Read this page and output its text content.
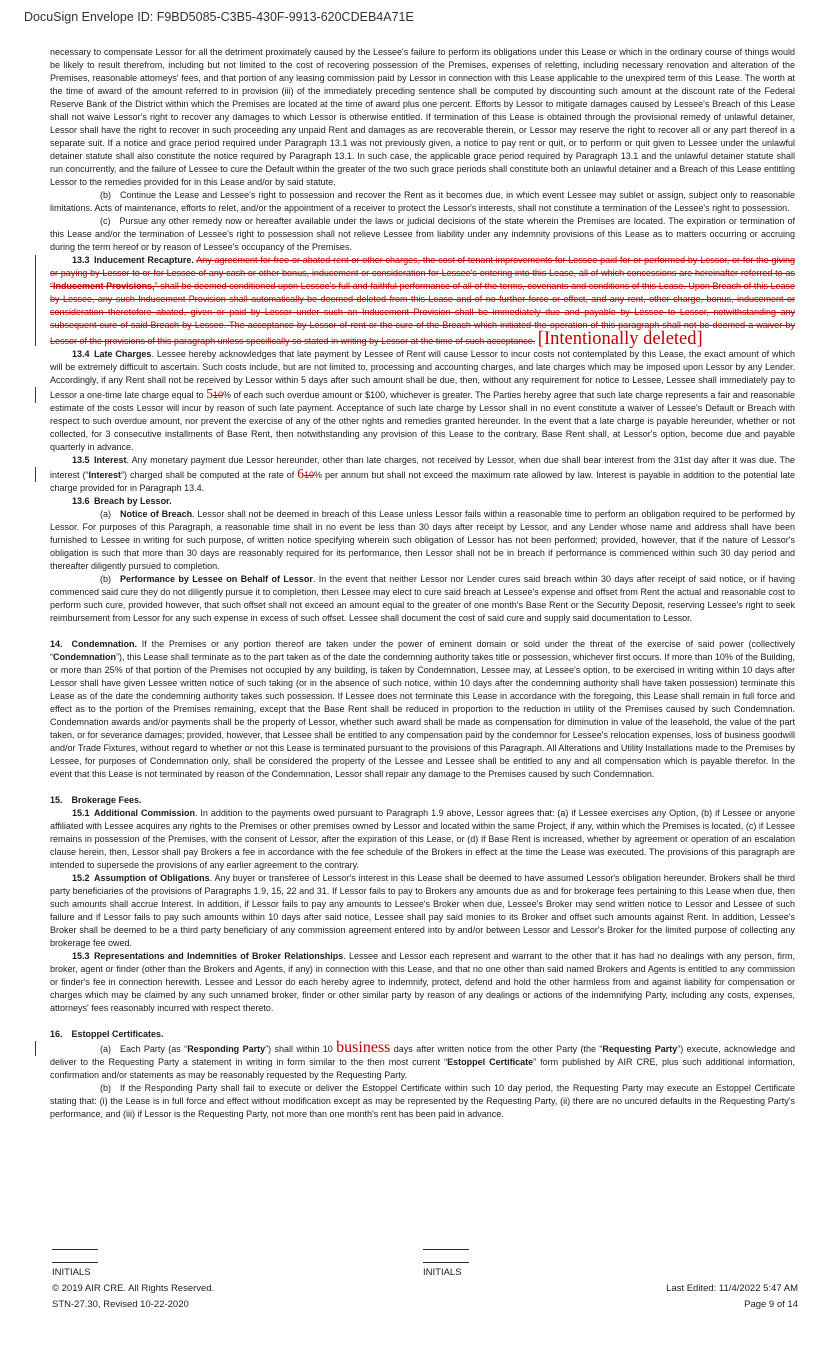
DocuSign Envelope ID: F9BD5085-C3B5-430F-9913-620CDEB4A71E

necessary to compensate Lessor for all the detriment proximately caused by the Lessee's failure to perform its obligations under this Lease or which in the ordinary course of things would be likely to result therefrom, including but not limited to the cost of recovering possession of the Premises, expenses of reletting, including necessary renovation and alteration of the Premises, reasonable attorneys' fees, and that portion of any leasing commission paid by Lessor in connection with this Lease applicable to the unexpired term of this Lease. The worth at the time of award of the amount referred to in provision (iii) of the immediately preceding sentence shall be computed by discounting such amount at the discount rate of the Federal Reserve Bank of the District within which the Premises are located at the time of award plus one percent. Efforts by Lessor to mitigate damages caused by Lessee's Breach of this Lease shall not waive Lessor's right to recover any damages to which Lessor is otherwise entitled. If termination of this Lease is obtained through the provisional remedy of unlawful detainer, Lessor shall have the right to recover in such proceeding any unpaid Rent and damages as are recoverable therein, or Lessor may reserve the right to recover all or any part thereof in a separate suit. If a notice and grace period required under Paragraph 13.1 was not previously given, a notice to pay rent or quit, or to perform or quit given to Lessee under the unlawful detainer statute shall also constitute the notice required by Paragraph 13.1. In such case, the applicable grace period required by Paragraph 13.1 and the unlawful detainer statute shall run concurrently, and the failure of Lessee to cure the Default within the greater of the two such grace periods shall constitute both an unlawful detainer and a Breach of this Lease entitling Lessor to the remedies provided for in this Lease and/or by said statute.

(b) Continue the Lease and Lessee's right to possession and recover the Rent as it becomes due, in which event Lessee may sublet or assign, subject only to reasonable limitations. Acts of maintenance, efforts to relet, and/or the appointment of a receiver to protect the Lessor's interests, shall not constitute a termination of the Lessee's right to possession.

(c) Pursue any other remedy now or hereafter available under the laws or judicial decisions of the state wherein the Premises are located. The expiration or termination of this Lease and/or the termination of Lessee's right to possession shall not relieve Lessee from liability under any indemnity provisions of this Lease as to matters occurring or accruing during the term hereof or by reason of Lessee's occupancy of the Premises.

13.3 Inducement Recapture. Any agreement for free or abated rent or other charges, the cost of tenant improvements for Lessee paid for or performed by Lessor, or for the giving or paying by Lessor to or for Lessee of any cash or other bonus, inducement or consideration for Lessee's entering into this Lease, all of which concessions are hereinafter referred to as “Inducement Provisions,” shall be deemed conditioned upon Lessee's full and faithful performance of all of the terms, covenants and conditions of this Lease. Upon Breach of this Lease by Lessee, any such Inducement Provision shall automatically be deemed deleted from this Lease and of no further force or effect, and any rent, other charge, bonus, inducement or consideration theretofore abated, given or paid by Lessor under such an Inducement Provision shall be immediately due and payable by Lessee to Lessor, notwithstanding any subsequent cure of said Breach by Lessee. The acceptance by Lessor of rent or the cure of the Breach which initiated the operation of this paragraph shall not be deemed a waiver by Lessor of the provisions of this paragraph unless specifically so stated in writing by Lessor at the time of such acceptance. [Intentionally deleted]

13.4 Late Charges. Lessee hereby acknowledges that late payment by Lessee of Rent will cause Lessor to incur costs not contemplated by this Lease, the exact amount of which will be extremely difficult to ascertain. Such costs include, but are not limited to, processing and accounting charges, and late charges which may be imposed upon Lessor by any Lender. Accordingly, if any Rent shall not be received by Lessor within 5 days after such amount shall be due, then, without any requirement for notice to Lessee, Lessee shall immediately pay to Lessor a one-time late charge equal to 510% of each such overdue amount or $100, whichever is greater. The Parties hereby agree that such late charge represents a fair and reasonable estimate of the costs Lessor will incur by reason of such late payment. Acceptance of such late charge by Lessor shall in no event constitute a waiver of Lessee's Default or Breach with respect to such overdue amount, nor prevent the exercise of any of the other rights and remedies granted hereunder. In the event that a late charge is payable hereunder, whether or not collected, for 3 consecutive installments of Base Rent, then notwithstanding any provision of this Lease to the contrary, Base Rent shall, at Lessor's option, become due and payable quarterly in advance.

13.5 Interest. Any monetary payment due Lessor hereunder, other than late charges, not received by Lessor, when due shall bear interest from the 31st day after it was due. The interest (“Interest”) charged shall be computed at the rate of 610% per annum but shall not exceed the maximum rate allowed by law. Interest is payable in addition to the potential late charge provided for in Paragraph 13.4.

13.6 Breach by Lessor.

(a) Notice of Breach. Lessor shall not be deemed in breach of this Lease unless Lessor fails within a reasonable time to perform an obligation required to be performed by Lessor. For purposes of this Paragraph, a reasonable time shall in no event be less than 30 days after receipt by Lessor, and any Lender whose name and address shall have been furnished to Lessee in writing for such purpose, of written notice specifying wherein such obligation of Lessor has not been performed; provided, however, that if the nature of Lessor's obligation is such that more than 30 days are reasonably required for its performance, then Lessor shall not be in breach if performance is commenced within such 30 day period and thereafter diligently pursued to completion.

(b) Performance by Lessee on Behalf of Lessor. In the event that neither Lessor nor Lender cures said breach within 30 days after receipt of said notice, or if having commenced said cure they do not diligently pursue it to completion, then Lessee may elect to cure said breach at Lessee's expense and offset from Rent the actual and reasonable cost to perform such cure, provided however, that such offset shall not exceed an amount equal to the greater of one month's Base Rent or the Security Deposit, reserving Lessee's right to seek reimbursement from Lessor for any such expense in excess of such offset. Lessee shall document the cost of said cure and supply said documentation to Lessor.

14. Condemnation. If the Premises or any portion thereof are taken under the power of eminent domain or sold under the threat of the exercise of said power (collectively “Condemnation”), this Lease shall terminate as to the part taken as of the date the condemning authority takes title or possession, whichever first occurs. If more than 10% of the Building, or more than 25% of that portion of the Premises not occupied by any building, is taken by Condemnation, Lessee may, at Lessee's option, to be exercised in writing within 10 days after Lessor shall have given Lessee written notice of such taking (or in the absence of such notice, within 10 days after the condemning authority shall have taken possession) terminate this Lease as of the date the condemning authority takes such possession. If Lessee does not terminate this Lease in accordance with the foregoing, this Lease shall remain in full force and effect as to the portion of the Premises remaining, except that the Base Rent shall be reduced in proportion to the reduction in utility of the Premises caused by such Condemnation. Condemnation awards and/or payments shall be the property of Lessor, whether such award shall be made as compensation for diminution in value of the leasehold, the value of the part taken, or for severance damages; provided, however, that Lessee shall be entitled to any compensation paid by the condemnor for Lessee's relocation expenses, loss of business goodwill and/or Trade Fixtures, without regard to whether or not this Lease is terminated pursuant to the provisions of this Paragraph. All Alterations and Utility Installations made to the Premises by Lessee, for purposes of Condemnation only, shall be considered the property of the Lessee and Lessee shall be entitled to any and all compensation which is payable therefor. In the event that this Lease is not terminated by reason of the Condemnation, Lessor shall repair any damage to the Premises caused by such Condemnation.

15. Brokerage Fees.

15.1 Additional Commission. In addition to the payments owed pursuant to Paragraph 1.9 above, Lessor agrees that: (a) if Lessee exercises any Option, (b) if Lessee or anyone affiliated with Lessee acquires any rights to the Premises or other premises owned by Lessor and located within the same Project, if any, within which the Premises is located, (c) if Lessee remains in possession of the Premises, with the consent of Lessor, after the expiration of this Lease, or (d) if Base Rent is increased, whether by agreement or operation of an escalation clause herein, then, Lessor shall pay Brokers a fee in accordance with the fee schedule of the Brokers in effect at the time the Lease was executed. The provisions of this paragraph are intended to supersede the provisions of any earlier agreement to the contrary.

15.2 Assumption of Obligations. Any buyer or transferee of Lessor's interest in this Lease shall be deemed to have assumed Lessor's obligation hereunder. Brokers shall be third party beneficiaries of the provisions of Paragraphs 1.9, 15, 22 and 31. If Lessor fails to pay to Brokers any amounts due as and for brokerage fees pertaining to this Lease when due, then such amounts shall accrue Interest. In addition, if Lessor fails to pay any amounts to Lessee's Broker when due, Lessee's Broker may send written notice to Lessor and Lessee of such failure and if Lessor fails to pay such amounts within 10 days after said notice, Lessee shall pay said monies to its Broker and offset such amounts against Rent. In addition, Lessee's Broker shall be deemed to be a third party beneficiary of any commission agreement entered into by and/or between Lessor and Lessor's Broker for the limited purpose of collecting any brokerage fee owed.

15.3 Representations and Indemnities of Broker Relationships. Lessee and Lessor each represent and warrant to the other that it has had no dealings with any person, firm, broker, agent or finder (other than the Brokers and Agents, if any) in connection with this Lease, and that no one other than said named Brokers and Agents is entitled to any commission or finder's fee in connection herewith. Lessee and Lessor do each hereby agree to indemnify, protect, defend and hold the other harmless from and against liability for compensation or charges which may be claimed by any such unnamed broker, finder or other similar party by reason of any dealings or actions of the indemnifying Party, including any costs, expenses, attorneys' fees reasonably incurred with respect thereto.

16. Estoppel Certificates.

(a) Each Party (as “Responding Party”) shall within 10 business days after written notice from the other Party (the “Requesting Party”) execute, acknowledge and deliver to the Requesting Party a statement in writing in form similar to the then most current “Estoppel Certificate” form published by AIR CRE, plus such additional information, confirmation and/or statements as may be reasonably requested by the Requesting Party.

(b) If the Responding Party shall fail to execute or deliver the Estoppel Certificate within such 10 day period, the Requesting Party may execute an Estoppel Certificate stating that: (i) the Lease is in full force and effect without modification except as may be represented by the Requesting Party, (ii) there are no uncured defaults in the Requesting Party's performance, and (iii) if Lessor is the Requesting Party, not more than one month's rent has been paid in advance.

INITIALS	INITIALS
© 2019 AIR CRE. All Rights Reserved.
STN-27.30, Revised 10-22-2020
Last Edited: 11/4/2022 5:47 AM
Page 9 of 14
